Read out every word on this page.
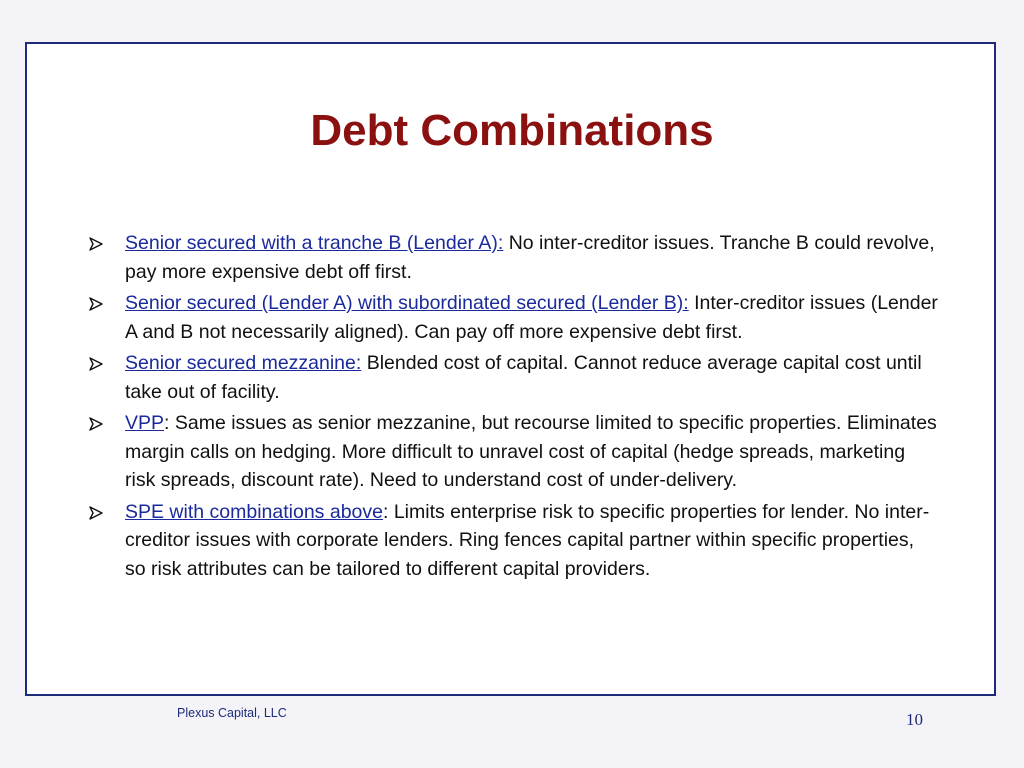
Debt Combinations
Senior secured with a tranche B (Lender A): No inter-creditor issues. Tranche B could revolve, pay more expensive debt off first.
Senior secured (Lender A) with subordinated secured (Lender B): Inter-creditor issues (Lender A and B not necessarily aligned). Can pay off more expensive debt first.
Senior secured mezzanine: Blended cost of capital. Cannot reduce average capital cost until take out of facility.
VPP: Same issues as senior mezzanine, but recourse limited to specific properties. Eliminates margin calls on hedging. More difficult to unravel cost of capital (hedge spreads, marketing risk spreads, discount rate). Need to understand cost of under-delivery.
SPE with combinations above: Limits enterprise risk to specific properties for lender. No inter-creditor issues with corporate lenders. Ring fences capital partner within specific properties, so risk attributes can be tailored to different capital providers.
Plexus Capital, LLC	10
